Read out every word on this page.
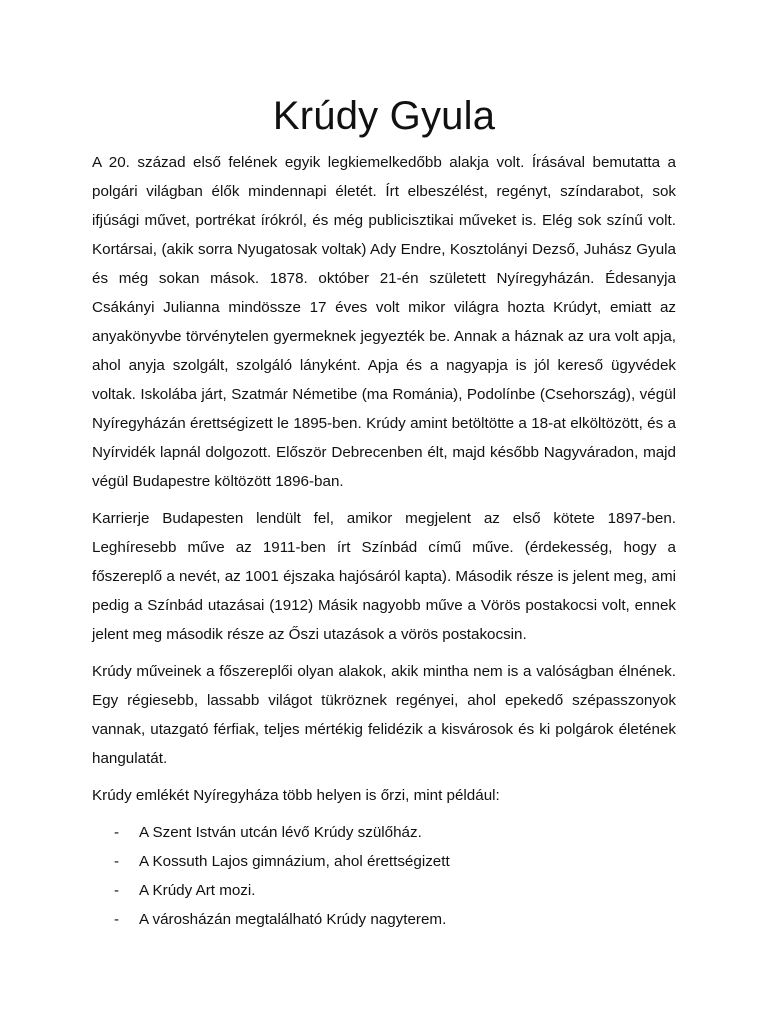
Krúdy Gyula

A 20. század első felének egyik legkiemelkedőbb alakja volt. Írásával bemutatta a polgári világban élők mindennapi életét. Írt elbeszélést, regényt, színdarabot, sok ifjúsági művet, portrékat írókról, és még publicisztikai műveket is. Elég sok színű volt. Kortársai, (akik sorra Nyugatosak voltak) Ady Endre, Kosztolányi Dezső, Juhász Gyula és még sokan mások. 1878. október 21-én született Nyíregyházán. Édesanyja Csákányi Julianna mindössze 17 éves volt mikor világra hozta Krúdyt, emiatt az anyakönyvbe törvénytelen gyermeknek jegyezték be. Annak a háznak az ura volt apja, ahol anyja szolgált, szolgáló lányként. Apja és a nagyapja is jól kereső ügyvédek voltak. Iskolába járt, Szatmár Németibe (ma Románia), Podolínbe (Csehország), végül Nyíregyházán érettségizett le 1895-ben. Krúdy amint betöltötte a 18-at elköltözött, és a Nyírvidék lapnál dolgozott. Először Debrecenben élt, majd később Nagyváradon, majd végül Budapestre költözött 1896-ban.

Karrierje Budapesten lendült fel, amikor megjelent az első kötete 1897-ben. Leghíresebb műve az 1911-ben írt Színbád című műve. (érdekesség, hogy a főszereplő a nevét, az 1001 éjszaka hajósáról kapta). Második része is jelent meg, ami pedig a Színbád utazásai (1912) Másik nagyobb műve a Vörös postakocsi volt, ennek jelent meg második része az Őszi utazások a vörös postakocsin.

Krúdy műveinek a főszereplői olyan alakok, akik mintha nem is a valóságban élnének. Egy régiesebb, lassabb világot tükröznek regényei, ahol epekedő szépasszonyok vannak, utazgató férfiak, teljes mértékig felidézik a kisvárosok és ki polgárok életének hangulatát.

Krúdy emlékét Nyíregyháza több helyen is őrzi, mint például:

-	A Szent István utcán lévő Krúdy szülőház.
-	A Kossuth Lajos gimnázium, ahol érettségizett
-	A Krúdy Art mozi.
-	A városházán megtalálható Krúdy nagyterem.
